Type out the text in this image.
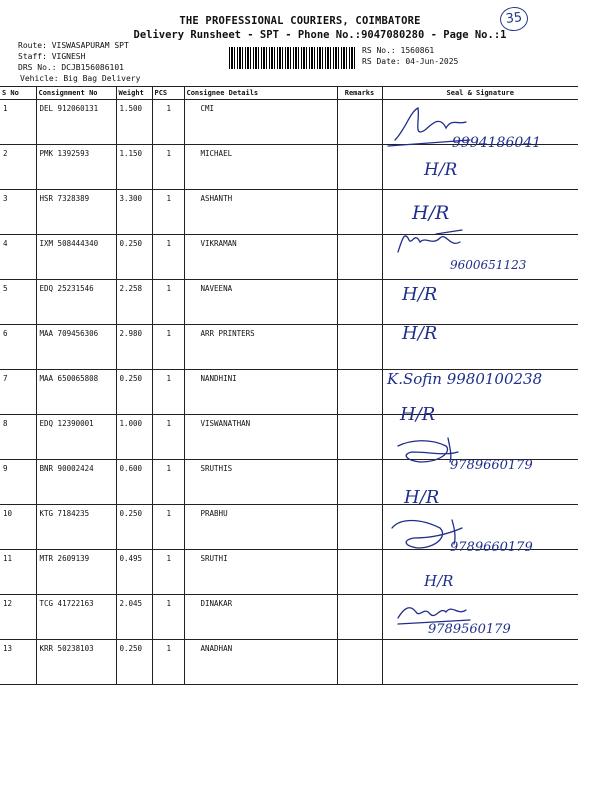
THE PROFESSIONAL COURIERS, COIMBATORE
Delivery Runsheet - SPT - Phone No.:9047080280 - Page No.:1
35
Route: VISWASAPURAM SPT
Staff: VIGNESH
DRS No.: DCJB156086101
Vehicle: Big Bag Delivery
RS No.: 1560861
RS Date: 04-Jun-2025
S No	Consignment No	Weight	PCS	Consignee Details	Remarks	Seal & Signature
1	DEL 912060131	1.500	1	CMI		
2	PMK 1392593	1.150	1	MICHAEL		
3	HSR 7328389	3.300	1	ASHANTH		
4	IXM 508444340	0.250	1	VIKRAMAN		
5	EDQ 25231546	2.258	1	NAVEENA		
6	MAA 709456306	2.980	1	ARR PRINTERS		
7	MAA 650065808	0.250	1	NANDHINI		
8	EDQ 12390001	1.000	1	VISWANATHAN		
9	BNR 90002424	0.600	1	SRUTHIS		
10	KTG 7184235	0.250	1	PRABHU		
11	MTR 2609139	0.495	1	SRUTHI		
12	TCG 41722163	2.045	1	DINAKAR		
13	KRR 50238103	0.250	1	ANADHAN		
9994186041
H/R
H/R
9600651123
H/R
H/R
K.Sofin 9980100238
H/R
9789660179
H/R
9789660179
H/R
9789560179
